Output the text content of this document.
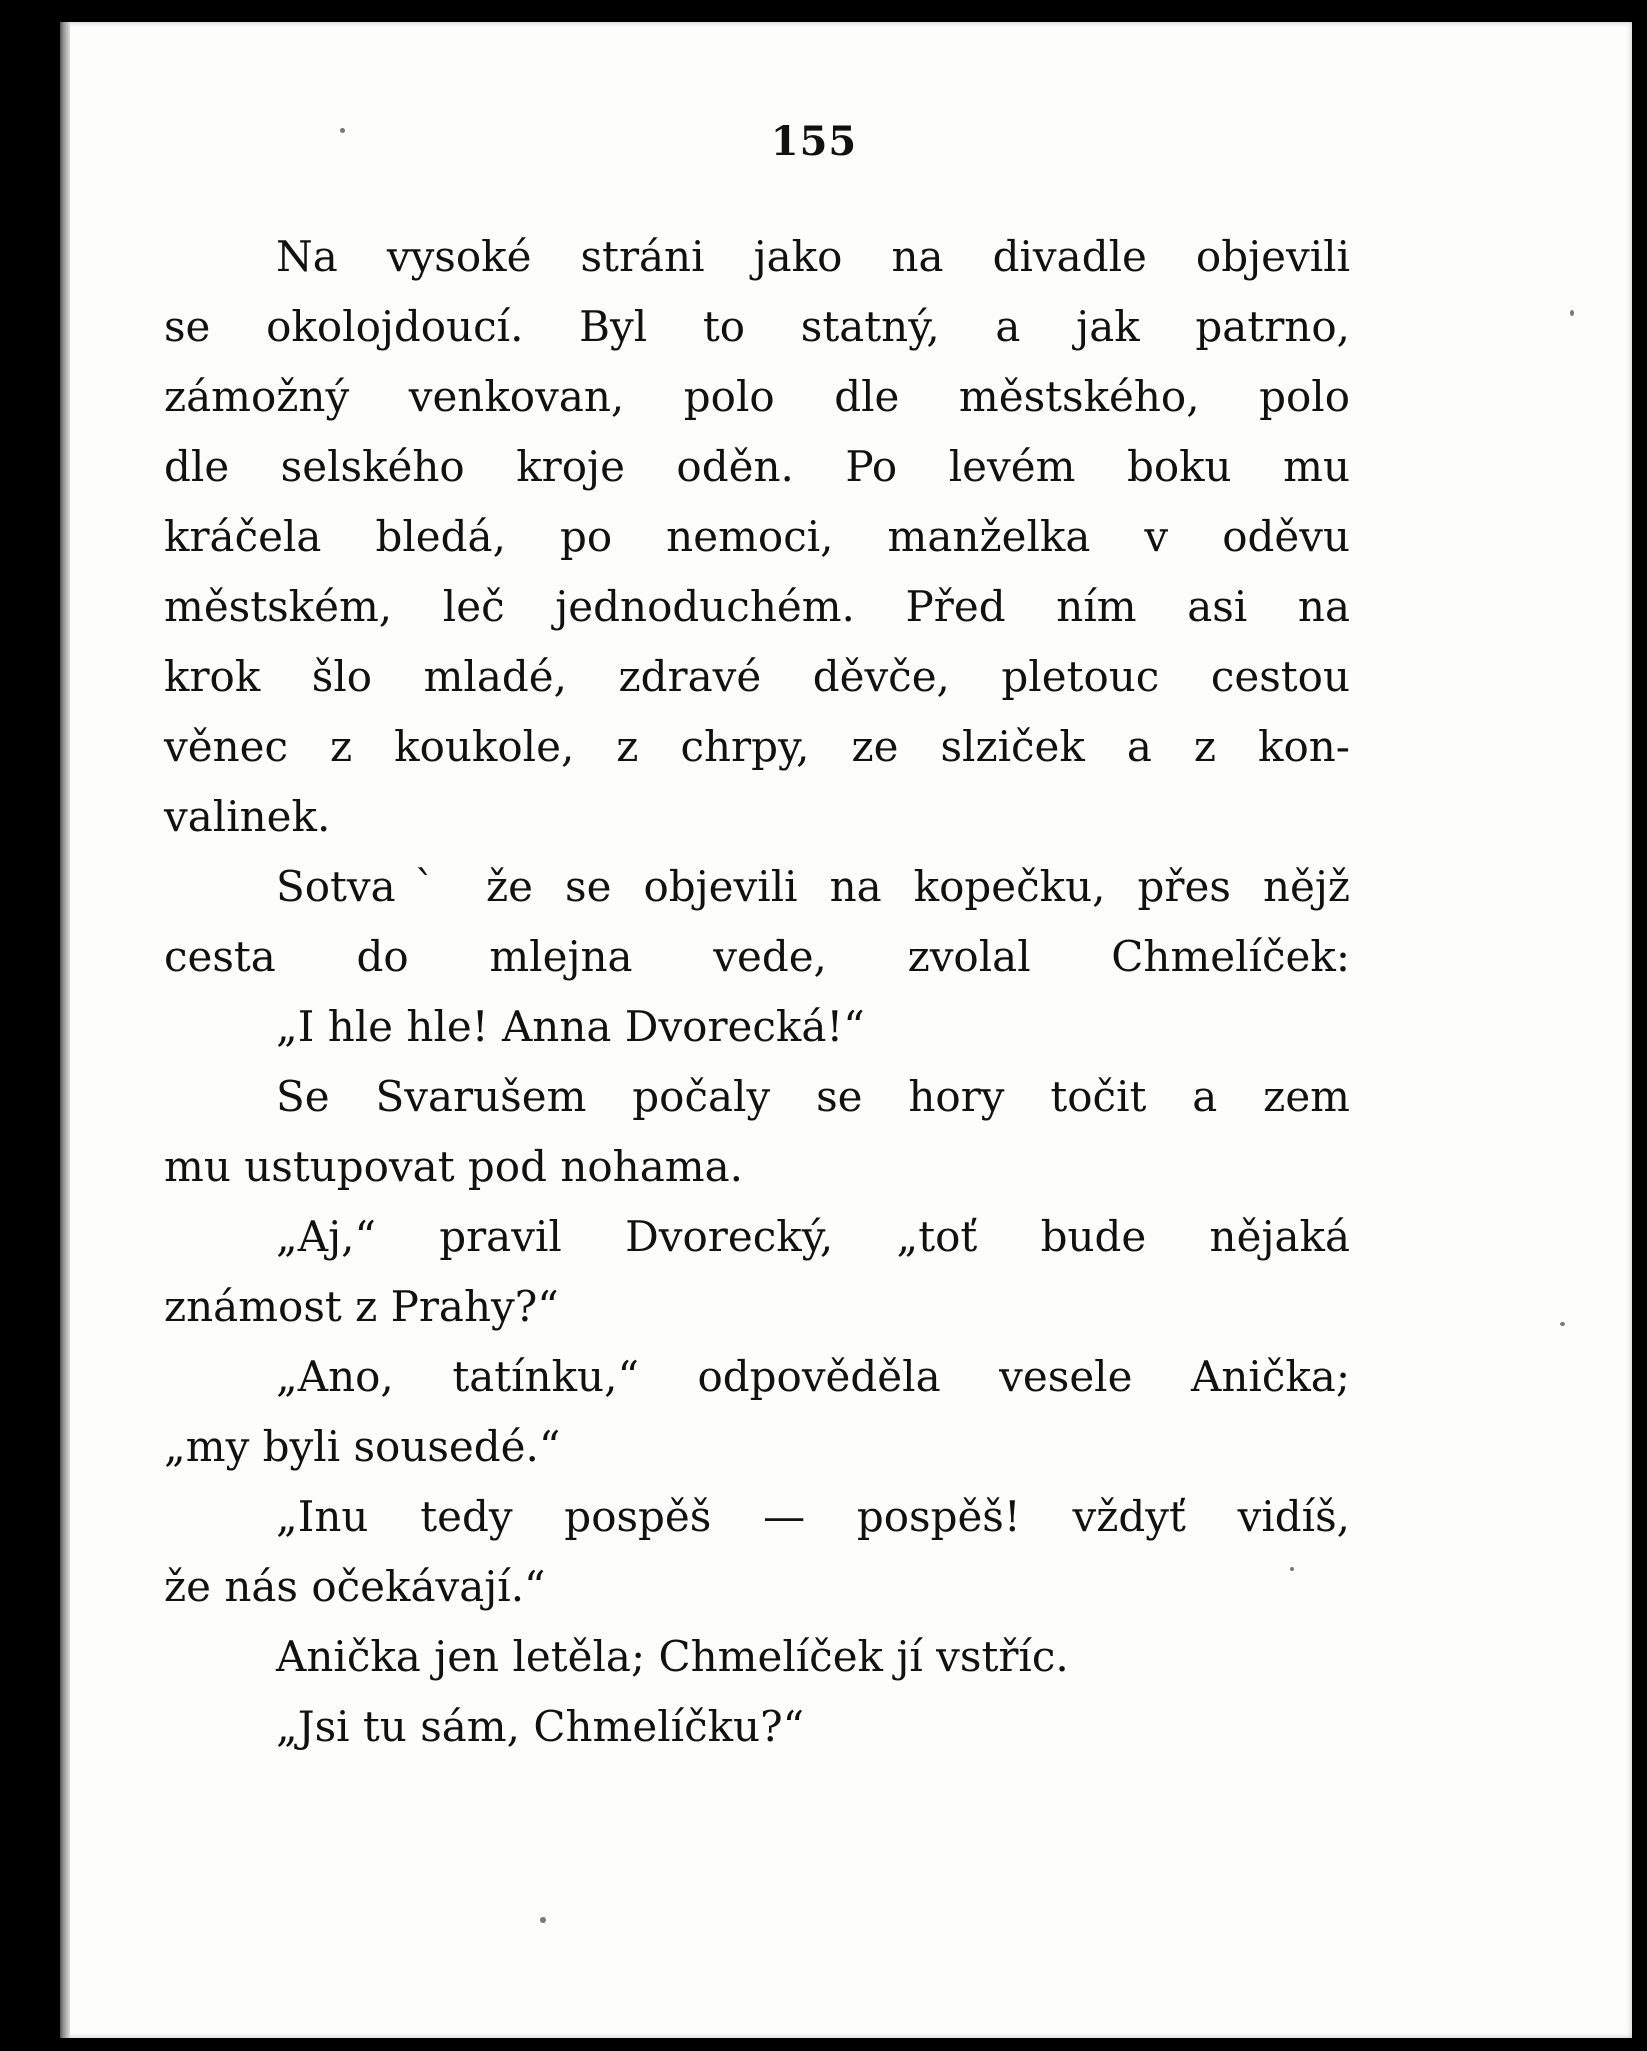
155
Na vysoké stráni jako na divadle objevili
se okolojdoucí. Byl to statný, a jak patrno,
zámožný venkovan, polo dle městského, polo
dle selského kroje oděn. Po levém boku mu
kráčela bledá, po nemoci, manželka v oděvu
městském, leč jednoduchém. Před ním asi na
krok šlo mladé, zdravé děvče, pletouc cestou
věnec z koukole, z chrpy, ze slziček a z kon-
valinek.
Sotvaˋ že se objevili na kopečku, přes nějž
cesta do mlejna vede, zvolal Chmelíček:
„I hle hle! Anna Dvorecká!“
Se Svarušem počaly se hory točit a zem
mu ustupovat pod nohama.
„Aj,“ pravil Dvorecký, „toť bude nějaká
známost z Prahy?“
„Ano, tatínku,“ odpověděla vesele Anička;
„my byli sousedé.“
„Inu tedy pospěš — pospěš! vždyť vidíš,
že nás očekávají.“
Anička jen letěla; Chmelíček jí vstříc.
„Jsi tu sám, Chmelíčku?“
